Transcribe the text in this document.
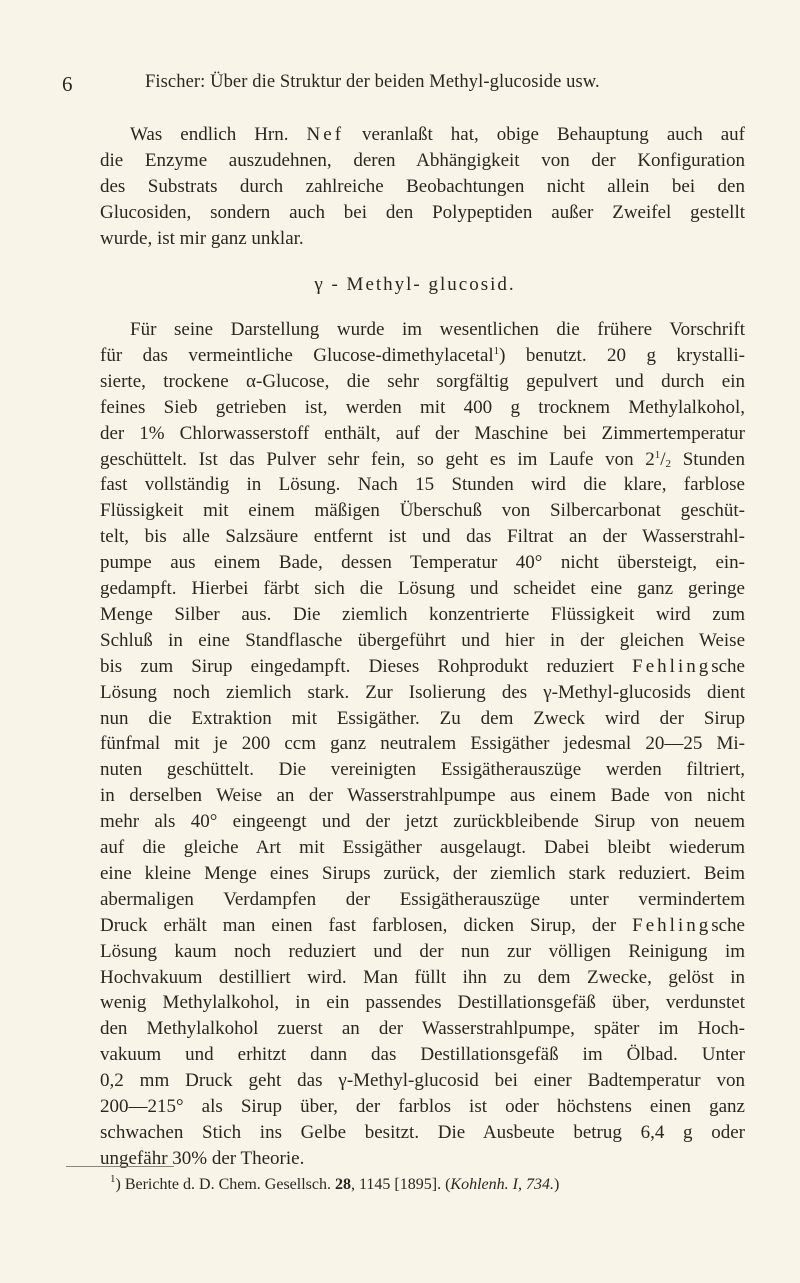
6	Fischer: Über die Struktur der beiden Methyl-glucoside usw.
Was endlich Hrn. Nef veranlaßt hat, obige Behauptung auch auf
die Enzyme auszudehnen, deren Abhängigkeit von der Konfiguration
des Substrats durch zahlreiche Beobachtungen nicht allein bei den
Glucosiden, sondern auch bei den Polypeptiden außer Zweifel gestellt
wurde, ist mir ganz unklar.
γ - Methyl- glucosid.
Für seine Darstellung wurde im wesentlichen die frühere Vorschrift
für das vermeintliche Glucose-dimethylacetal$^1$) benutzt. 20 g krystalli-
sierte, trockene α-Glucose, die sehr sorgfältig gepulvert und durch ein
feines Sieb getrieben ist, werden mit 400 g trocknem Methylalkohol,
der 1% Chlorwasserstoff enthält, auf der Maschine bei Zimmertemperatur
geschüttelt. Ist das Pulver sehr fein, so geht es im Laufe von $2^1/_2$ Stunden
fast vollständig in Lösung. Nach 15 Stunden wird die klare, farblose
Flüssigkeit mit einem mäßigen Überschuß von Silbercarbonat geschüt-
telt, bis alle Salzsäure entfernt ist und das Filtrat an der Wasserstrahl-
pumpe aus einem Bade, dessen Temperatur 40° nicht übersteigt, ein-
gedampft. Hierbei färbt sich die Lösung und scheidet eine ganz geringe
Menge Silber aus. Die ziemlich konzentrierte Flüssigkeit wird zum
Schluß in eine Standflasche übergeführt und hier in der gleichen Weise
bis zum Sirup eingedampft. Dieses Rohprodukt reduziert Fehlingsche
Lösung noch ziemlich stark. Zur Isolierung des γ-Methyl-glucosids dient
nun die Extraktion mit Essigäther. Zu dem Zweck wird der Sirup
fünfmal mit je 200 ccm ganz neutralem Essigäther jedesmal 20—25 Mi-
nuten geschüttelt. Die vereinigten Essigätherauszüge werden filtriert,
in derselben Weise an der Wasserstrahlpumpe aus einem Bade von nicht
mehr als 40° eingeengt und der jetzt zurückbleibende Sirup von neuem
auf die gleiche Art mit Essigäther ausgelaugt. Dabei bleibt wiederum
eine kleine Menge eines Sirups zurück, der ziemlich stark reduziert. Beim
abermaligen Verdampfen der Essigätherauszüge unter vermindertem
Druck erhält man einen fast farblosen, dicken Sirup, der Fehlingsche
Lösung kaum noch reduziert und der nun zur völligen Reinigung im
Hochvakuum destilliert wird. Man füllt ihn zu dem Zwecke, gelöst in
wenig Methylalkohol, in ein passendes Destillationsgefäß über, verdunstet
den Methylalkohol zuerst an der Wasserstrahlpumpe, später im Hoch-
vakuum und erhitzt dann das Destillationsgefäß im Ölbad. Unter
0,2 mm Druck geht das γ-Methyl-glucosid bei einer Badtemperatur von
200—215° als Sirup über, der farblos ist oder höchstens einen ganz
schwachen Stich ins Gelbe besitzt. Die Ausbeute betrug 6,4 g oder
ungefähr 30% der Theorie.
$^1$) Berichte d. D. Chem. Gesellsch. 28, 1145 [1895]. (Kohlenh. I, 734.)
